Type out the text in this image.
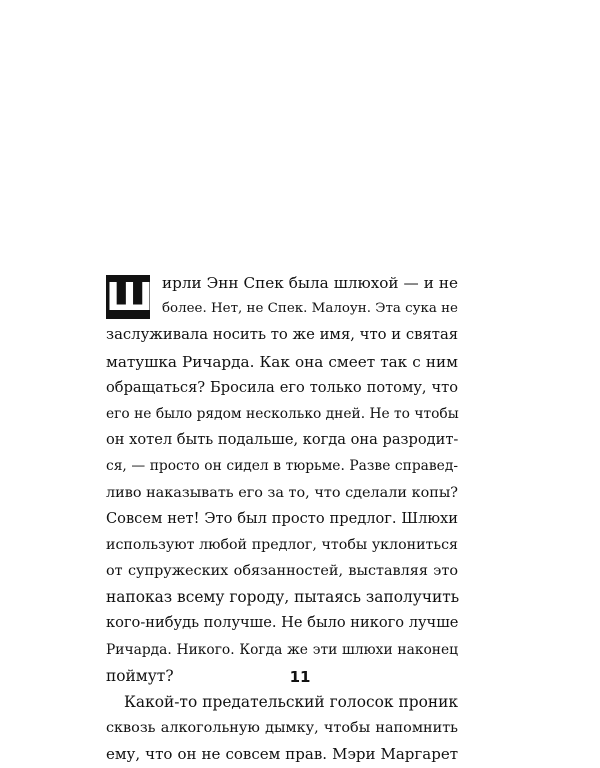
Ш ирли Энн Спек была шлюхой — и не
более. Нет, не Спек. Малоун. Эта сука не
заслуживала носить то же имя, что и святая
матушка Ричарда. Как она смеет так с ним
обращаться? Бросила его только потому, что
его не было рядом несколько дней. Не то чтобы
он хотел быть подальше, когда она разродит-
ся, — просто он сидел в тюрьме. Разве справед-
ливо наказывать его за то, что сделали копы?
Совсем нет! Это был просто предлог. Шлюхи
используют любой предлог, чтобы уклониться
от супружеских обязанностей, выставляя это
напоказ всему городу, пытаясь заполучить
кого-нибудь получше. Не было никого лучше
Ричарда. Никого. Когда же эти шлюхи наконец
поймут?
Какой-то предательский голосок проник
сквозь алкогольную дымку, чтобы напомнить
ему, что он не совсем прав. Мэри Маргарет
11
